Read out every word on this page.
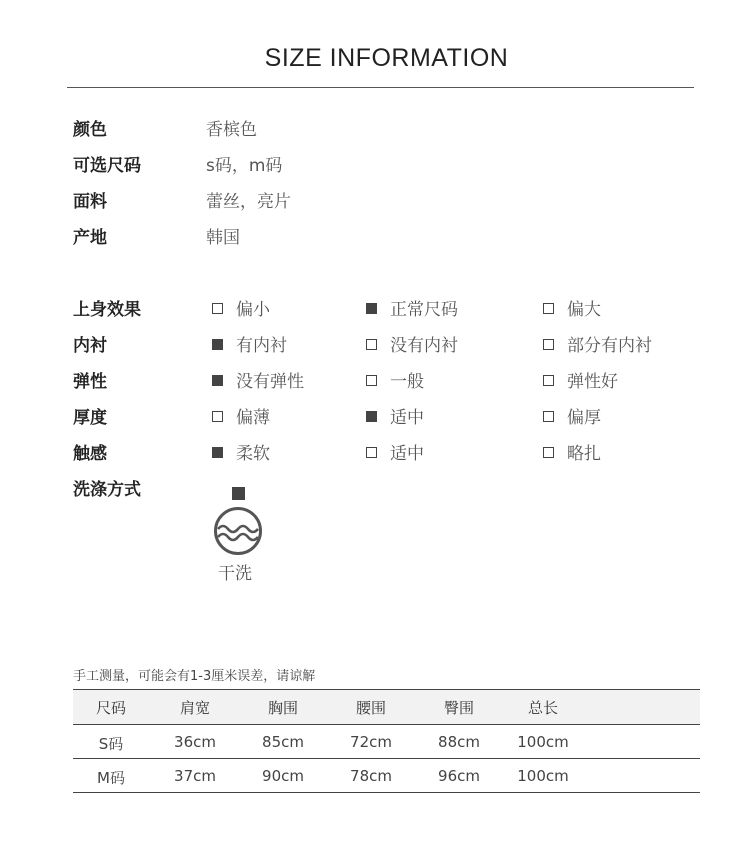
SIZE INFORMATION
颜色	香槟色
可选尺码	s码，m码
面料	蕾丝，亮片
产地	韩国
上身效果	偏小	正常尺码	偏大
内衬	有内衬	没有内衬	部分有内衬
弹性	没有弹性	一般	弹性好
厚度	偏薄	适中	偏厚
触感	柔软	适中	略扎
洗涤方式
干洗
手工测量，可能会有1-3厘米误差，请谅解
尺码	肩宽	胸围	腰围	臀围	总长
S码	36cm	85cm	72cm	88cm 100cm
M码	37cm	90cm	78cm	96cm 100cm
